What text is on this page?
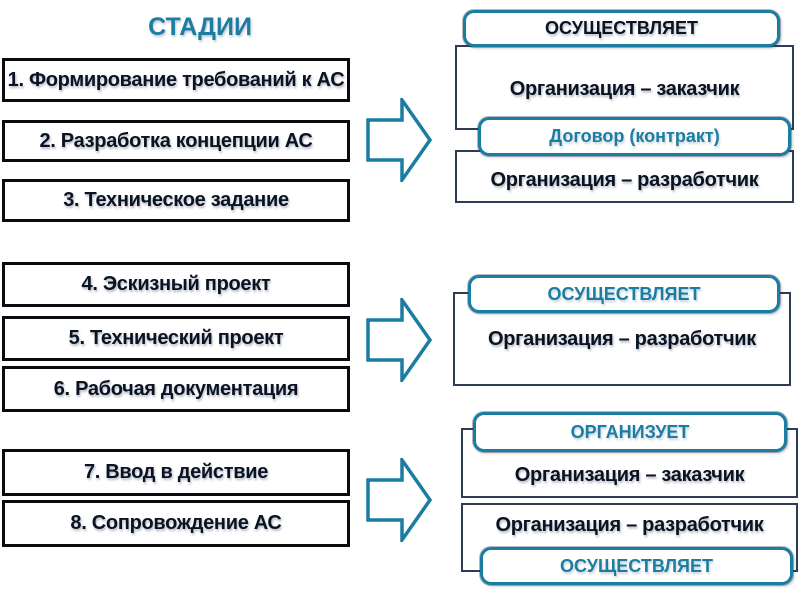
СТАДИИ
1. Формирование требований к АС
2. Разработка концепции АС
3. Техническое задание
4. Эскизный проект
5. Технический проект
6. Рабочая документация
7. Ввод в действие
8. Сопровождение АС
Организация – заказчик
Организация – разработчик
ОСУЩЕСТВЛЯЕТ
Договор (контракт)
ОСУЩЕСТВЛЯЕТ
Организация – разработчик
ОРГАНИЗУЕТ
Организация – заказчик
Организация – разработчик
ОСУЩЕСТВЛЯЕТ
